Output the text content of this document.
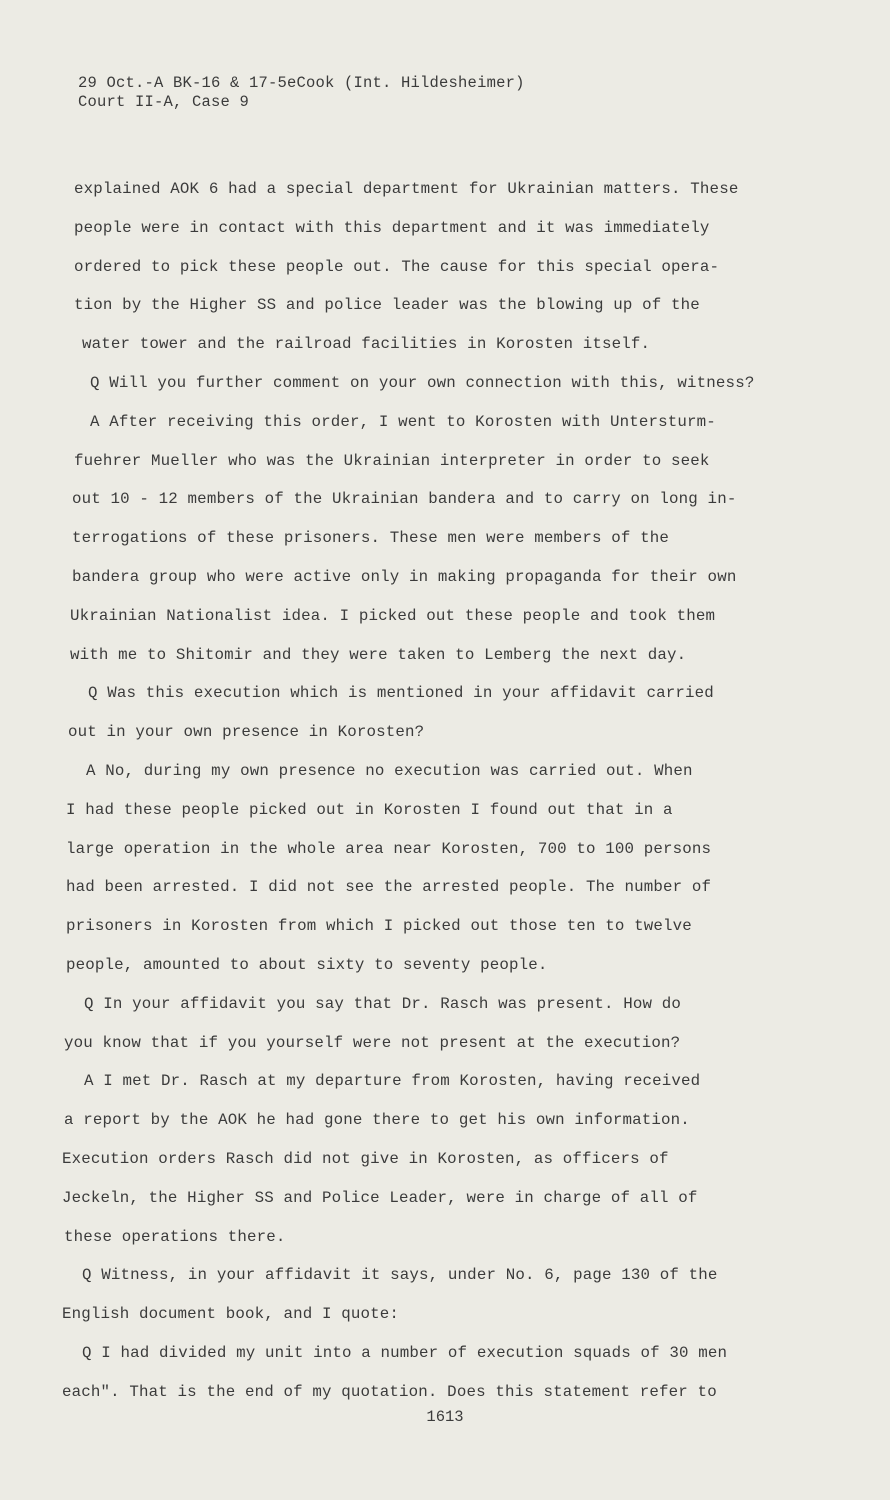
29 Oct.-A BK-16 & 17-5eCook (Int. Hildesheimer)
Court II-A, Case 9
explained AOK 6 had a special department for Ukrainian matters. These
people were in contact with this department and it was immediately
ordered to pick these people out. The cause for this special opera-
tion by the Higher SS and police leader was the blowing up of the
water tower and the railroad facilities in Korosten itself.
Q Will you further comment on your own connection with this, witness?
A After receiving this order, I went to Korosten with Untersturm-
fuehrer Mueller who was the Ukrainian interpreter in order to seek
out 10 - 12 members of the Ukrainian bandera and to carry on long in-
terrogations of these prisoners. These men were members of the
bandera group who were active only in making propaganda for their own
Ukrainian Nationalist idea. I picked out these people and took them
with me to Shitomir and they were taken to Lemberg the next day.
Q Was this execution which is mentioned in your affidavit carried
out in your own presence in Korosten?
A No, during my own presence no execution was carried out. When
I had these people picked out in Korosten I found out that in a
large operation in the whole area near Korosten, 700 to 100 persons
had been arrested. I did not see the arrested people. The number of
prisoners in Korosten from which I picked out those ten to twelve
people, amounted to about sixty to seventy people.
Q In your affidavit you say that Dr. Rasch was present. How do
you know that if you yourself were not present at the execution?
A I met Dr. Rasch at my departure from Korosten, having received
a report by the AOK he had gone there to get his own information.
Execution orders Rasch did not give in Korosten, as officers of
Jeckeln, the Higher SS and Police Leader, were in charge of all of
these operations there.
Q Witness, in your affidavit it says, under No. 6, page 130 of the
English document book, and I quote:
Q I had divided my unit into a number of execution squads of 30 men
each". That is the end of my quotation. Does this statement refer to
1613
